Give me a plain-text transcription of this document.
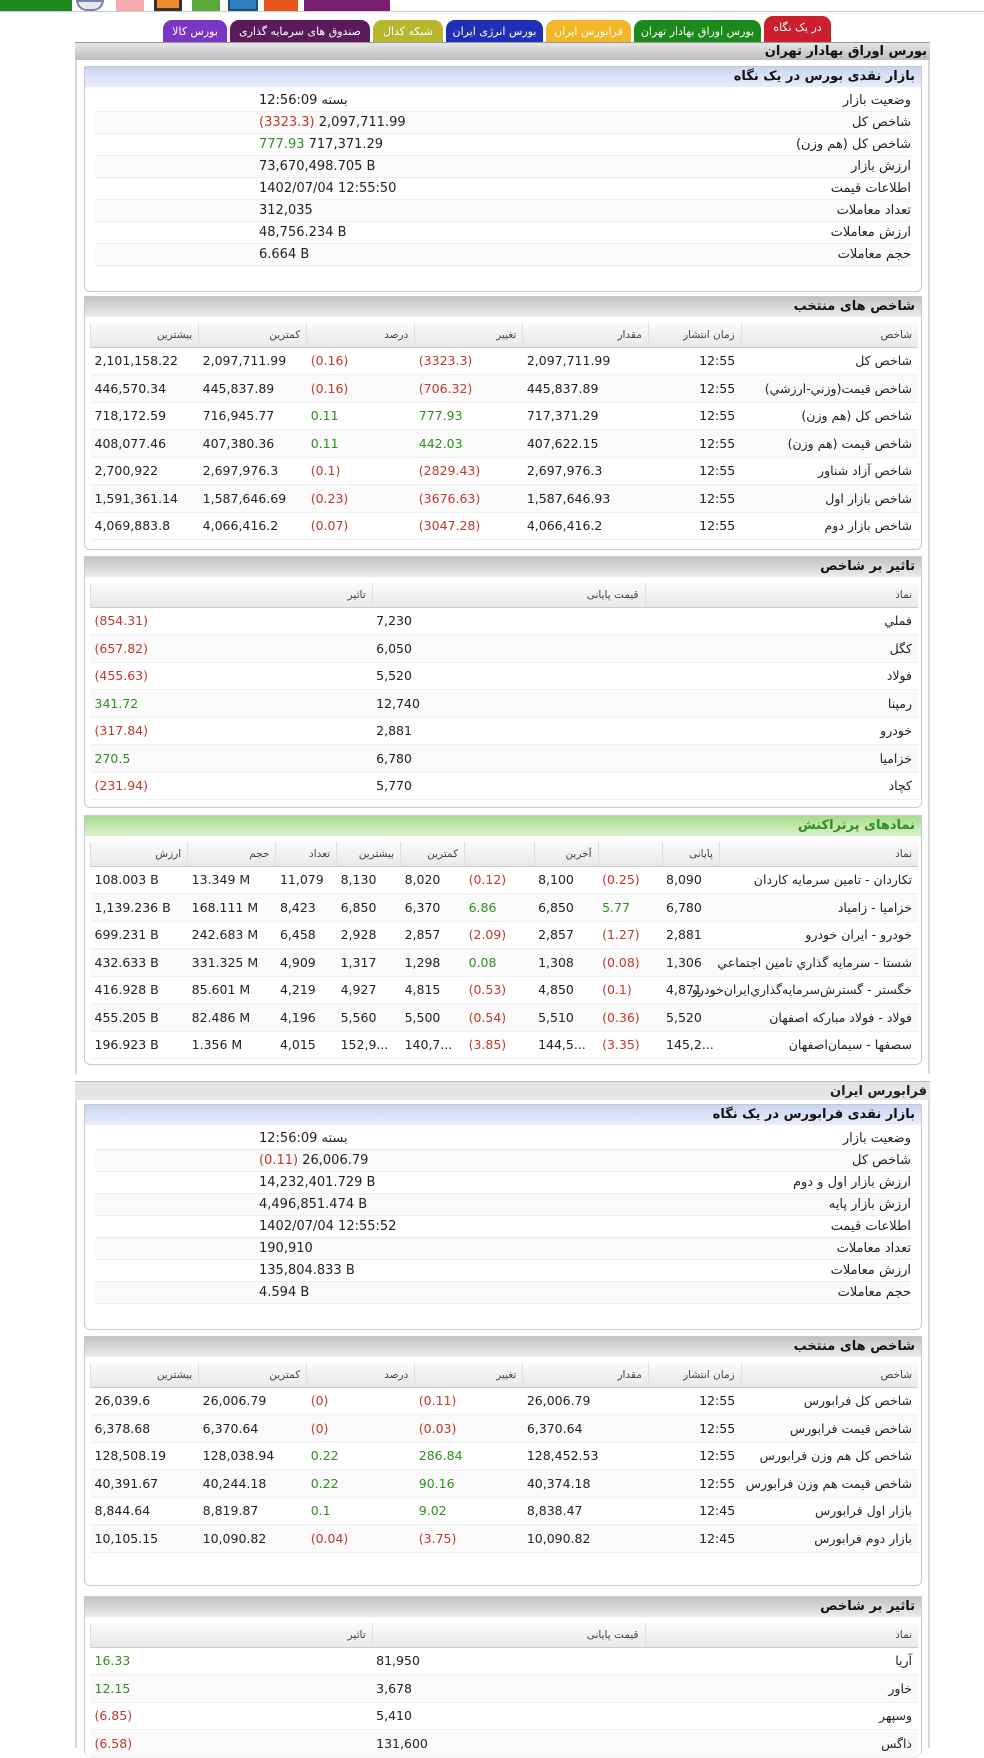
در یک نگاه
بورس اوراق بهادار تهران
فرابورس ایران
بورس انرژی ایران
شبکه کدال
صندوق های سرمایه گذاری
بورس کالا
بورس اوراق بهادار تهران
بازار نقدی بورس در یک نگاه
وضعیت بازار
بسته 12:56:09
شاخص کل
(3323.3) 2,097,711.99
شاخص کل (هم وزن)
777.93 717,371.29
ارزش بازار
73,670,498.705 B
اطلاعات قیمت
1402/07/04 12:55:50
تعداد معاملات
312,035
ارزش معاملات
48,756.234 B
حجم معاملات
6.664 B
شاخص های منتخب
شاخص	زمان انتشار	مقدار	تغییر	درصد	کمترین	بیشترین
شاخص كل	12:55	2,097,711.99	(3323.3)	(0.16)	2,097,711.99	2,101,158.22
شاخص قيمت(وزني-ارزشي)	12:55	445,837.89	(706.32)	(0.16)	445,837.89	446,570.34
شاخص كل (هم وزن)	12:55	717,371.29	777.93	0.11	716,945.77	718,172.59
شاخص قيمت (هم وزن)	12:55	407,622.15	442.03	0.11	407,380.36	408,077.46
شاخص آزاد شناور	12:55	2,697,976.3	(2829.43)	(0.1)	2,697,976.3	2,700,922
شاخص بازار اول	12:55	1,587,646.93	(3676.63)	(0.23)	1,587,646.69	1,591,361.14
شاخص بازار دوم	12:55	4,066,416.2	(3047.28)	(0.07)	4,066,416.2	4,069,883.8
تاثیر بر شاخص
نماد	قیمت پایانی	تاثیر
فملي	7,230	(854.31)
كگل	6,050	(657.82)
فولاد	5,520	(455.63)
رمپنا	12,740	341.72
خودرو	2,881	(317.84)
خزامیا	6,780	270.5
کچاد	5,770	(231.94)
نمادهای پرتراکنش
نماد	پایانی		آخرین		کمترین	بیشترین	تعداد	حجم	ارزش
تكاردان - تامين سرمايه كاردان	8,090	(0.25)	8,100	(0.12)	8,020	8,130	11,079	13.349 M	108.003 B
خزامیا - زامیاد	6,780	5.77	6,850	6.86	6,370	6,850	8,423	168.111 M	1,139.236 B
خودرو - ايران‌ خودرو	2,881	(1.27)	2,857	(2.09)	2,857	2,928	6,458	242.683 M	699.231 B
شستا - سرمايه گذاري تامين اجتماعي	1,306	(0.08)	1,308	0.08	1,298	1,317	4,909	331.325 M	432.633 B
خگستر - گسترش‌سرمايه‌گذاري‌ايران‌خودرو	4,871	(0.1)	4,850	(0.53)	4,815	4,927	4,219	85.601 M	416.928 B
فولاد - فولاد مباركه اصفهان	5,520	(0.36)	5,510	(0.54)	5,500	5,560	4,196	82.486 M	455.205 B
سصفها - سيمان‌اصفهان	145,2...	(3.35)	144,5...	(3.85)	140,7...	152,9...	4,015	1.356 M	196.923 B
فرابورس ایران
بازار نقدی فرابورس در یک نگاه
وضعیت بازار
بسته 12:56:09
شاخص کل
(0.11) 26,006.79
ارزش بازار اول و دوم
14,232,401.729 B
ارزش بازار پایه
4,496,851.474 B
اطلاعات قیمت
1402/07/04 12:55:52
تعداد معاملات
190,910
ارزش معاملات
135,804.833 B
حجم معاملات
4.594 B
شاخص های منتخب
شاخص	زمان انتشار	مقدار	تغییر	درصد	کمترین	بیشترین
شاخص كل فرابورس	12:55	26,006.79	(0.11)	(0)	26,006.79	26,039.6
شاخص قيمت فرابورس	12:55	6,370.64	(0.03)	(0)	6,370.64	6,378.68
شاخص کل هم وزن فرابورس	12:55	128,452.53	286.84	0.22	128,038.94	128,508.19
شاخص قیمت هم وزن فرابورس	12:55	40,374.18	90.16	0.22	40,244.18	40,391.67
بازار اول فرابورس	12:45	8,838.47	9.02	0.1	8,819.87	8,844.64
بازار دوم فرابورس	12:45	10,090.82	(3.75)	(0.04)	10,090.82	10,105.15
تاثیر بر شاخص
نماد	قیمت پایانی	تاثیر
آریا	81,950	16.33
خاور	3,678	12.15
وسپهر	5,410	(6.85)
ذاگس	131,600	(6.58)
